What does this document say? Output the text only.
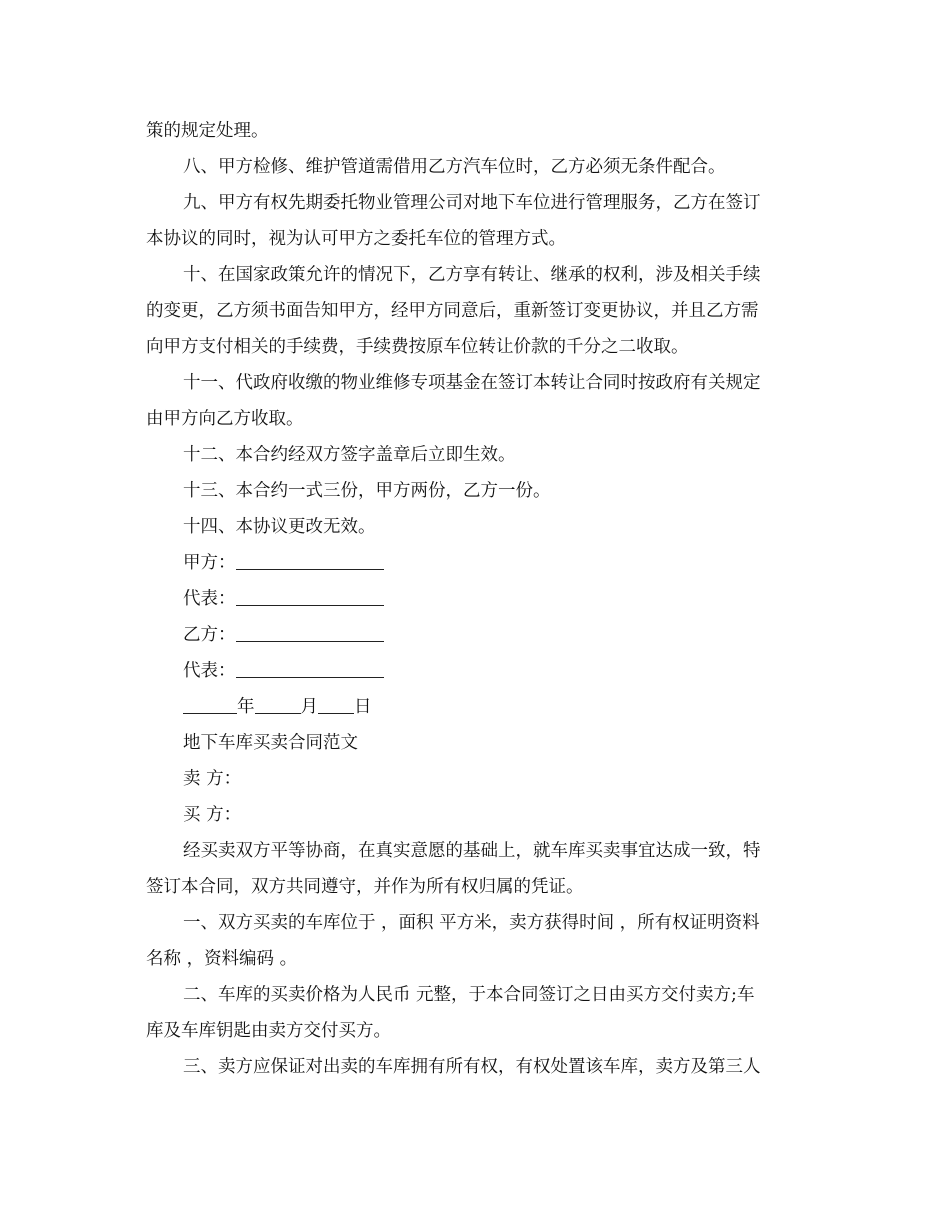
策的规定处理。
八、甲方检修、维护管道需借用乙方汽车位时，乙方必须无条件配合。
九、甲方有权先期委托物业管理公司对地下车位进行管理服务，乙方在签订
本协议的同时，视为认可甲方之委托车位的管理方式。
十、在国家政策允许的情况下，乙方享有转让、继承的权利，涉及相关手续
的变更，乙方须书面告知甲方，经甲方同意后，重新签订变更协议，并且乙方需
向甲方支付相关的手续费，手续费按原车位转让价款的千分之二收取。
十一、代政府收缴的物业维修专项基金在签订本转让合同时按政府有关规定
由甲方向乙方收取。
十二、本合约经双方签字盖章后立即生效。
十三、本合约一式三份，甲方两份，乙方一份。
十四、本协议更改无效。
甲方：
代表：
乙方：
代表：
年	月 日
地下车库买卖合同范文
卖 方：
买 方：
经买卖双方平等协商，在真实意愿的基础上，就车库买卖事宜达成一致，特
签订本合同，双方共同遵守，并作为所有权归属的凭证。
一、双方买卖的车库位于 ，面积 平方米，卖方获得时间 ，所有权证明资料
名称 ，资料编码 。
二、车库的买卖价格为人民币 元整，于本合同签订之日由买方交付卖方;车
库及车库钥匙由卖方交付买方。
三、卖方应保证对出卖的车库拥有所有权，有权处置该车库，卖方及第三人
